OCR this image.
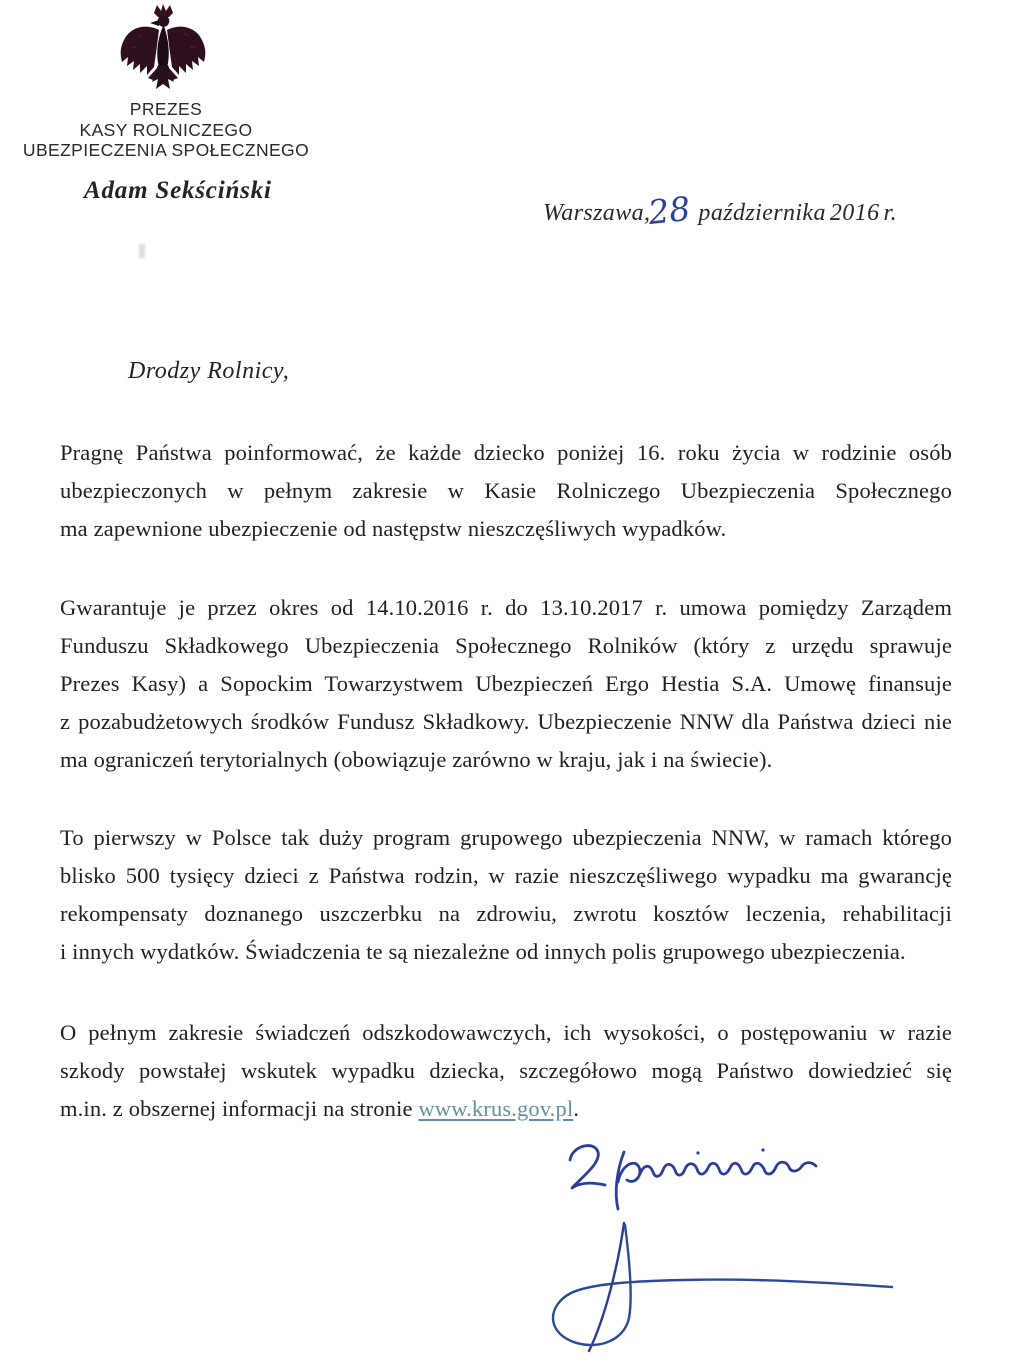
PREZES
KASY ROLNICZEGO
UBEZPIECZENIA SPOŁECZNEGO
Adam Sekściński
Warszawa,28 października 2016 r.
Drodzy Rolnicy,
Pragnę Państwa poinformować, że każde dziecko poniżej 16. roku życia w rodzinie osób
ubezpieczonych w pełnym zakresie w Kasie Rolniczego Ubezpieczenia Społecznego
ma zapewnione ubezpieczenie od następstw nieszczęśliwych wypadków.
Gwarantuje je przez okres od 14.10.2016 r. do 13.10.2017 r. umowa pomiędzy Zarządem
Funduszu Składkowego Ubezpieczenia Społecznego Rolników (który z urzędu sprawuje
Prezes Kasy) a Sopockim Towarzystwem Ubezpieczeń Ergo Hestia S.A. Umowę finansuje
z pozabudżetowych środków Fundusz Składkowy. Ubezpieczenie NNW dla Państwa dzieci nie
ma ograniczeń terytorialnych (obowiązuje zarówno w kraju, jak i na świecie).
To pierwszy w Polsce tak duży program grupowego ubezpieczenia NNW, w ramach którego
blisko 500 tysięcy dzieci z Państwa rodzin, w razie nieszczęśliwego wypadku ma gwarancję
rekompensaty doznanego uszczerbku na zdrowiu, zwrotu kosztów leczenia, rehabilitacji
i innych wydatków. Świadczenia te są niezależne od innych polis grupowego ubezpieczenia.
O pełnym zakresie świadczeń odszkodowawczych, ich wysokości, o postępowaniu w razie
szkody powstałej wskutek wypadku dziecka, szczegółowo mogą Państwo dowiedzieć się
m.in. z obszernej informacji na stronie www.krus.gov.pl.
